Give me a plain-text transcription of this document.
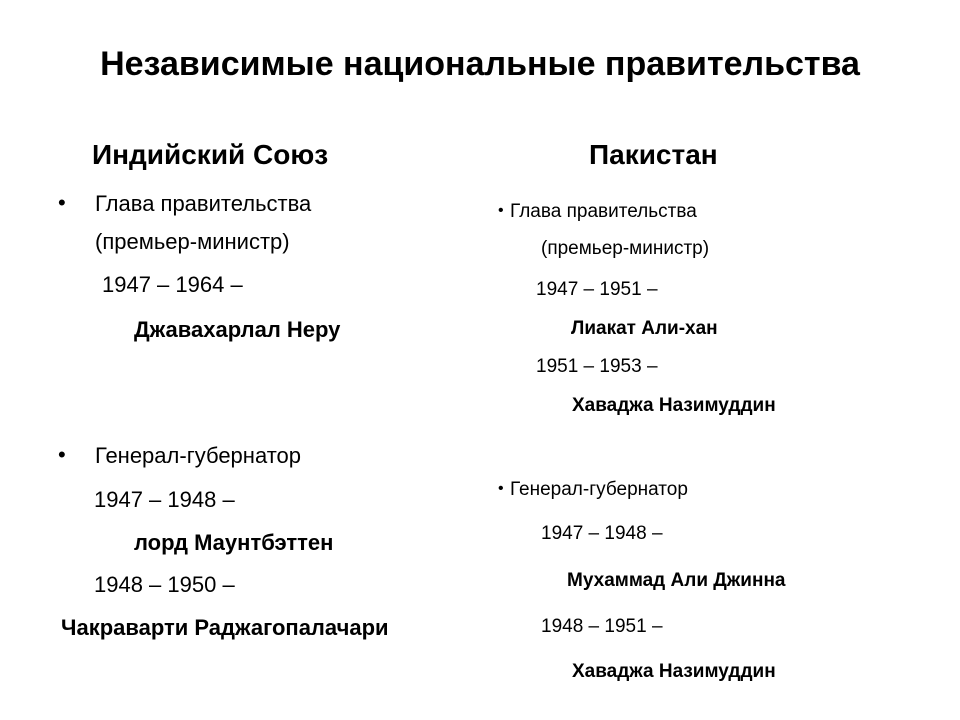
Независимые национальные правительства
Индийский Союз
• Глава правительства
(премьер-министр)
1947 – 1964 –
Джавахарлал Неру
• Генерал-губернатор
1947 – 1948 –
лорд Маунтбэттен
1948 – 1950 –
Чакраварти Раджагопалачари
Пакистан
• Глава правительства
(премьер-министр)
1947 – 1951 –
Лиакат Али-хан
1951 – 1953 –
Хаваджа Назимуддин
• Генерал-губернатор
1947 – 1948 –
Мухаммад Али Джинна
1948 – 1951 –
Хаваджа Назимуддин
